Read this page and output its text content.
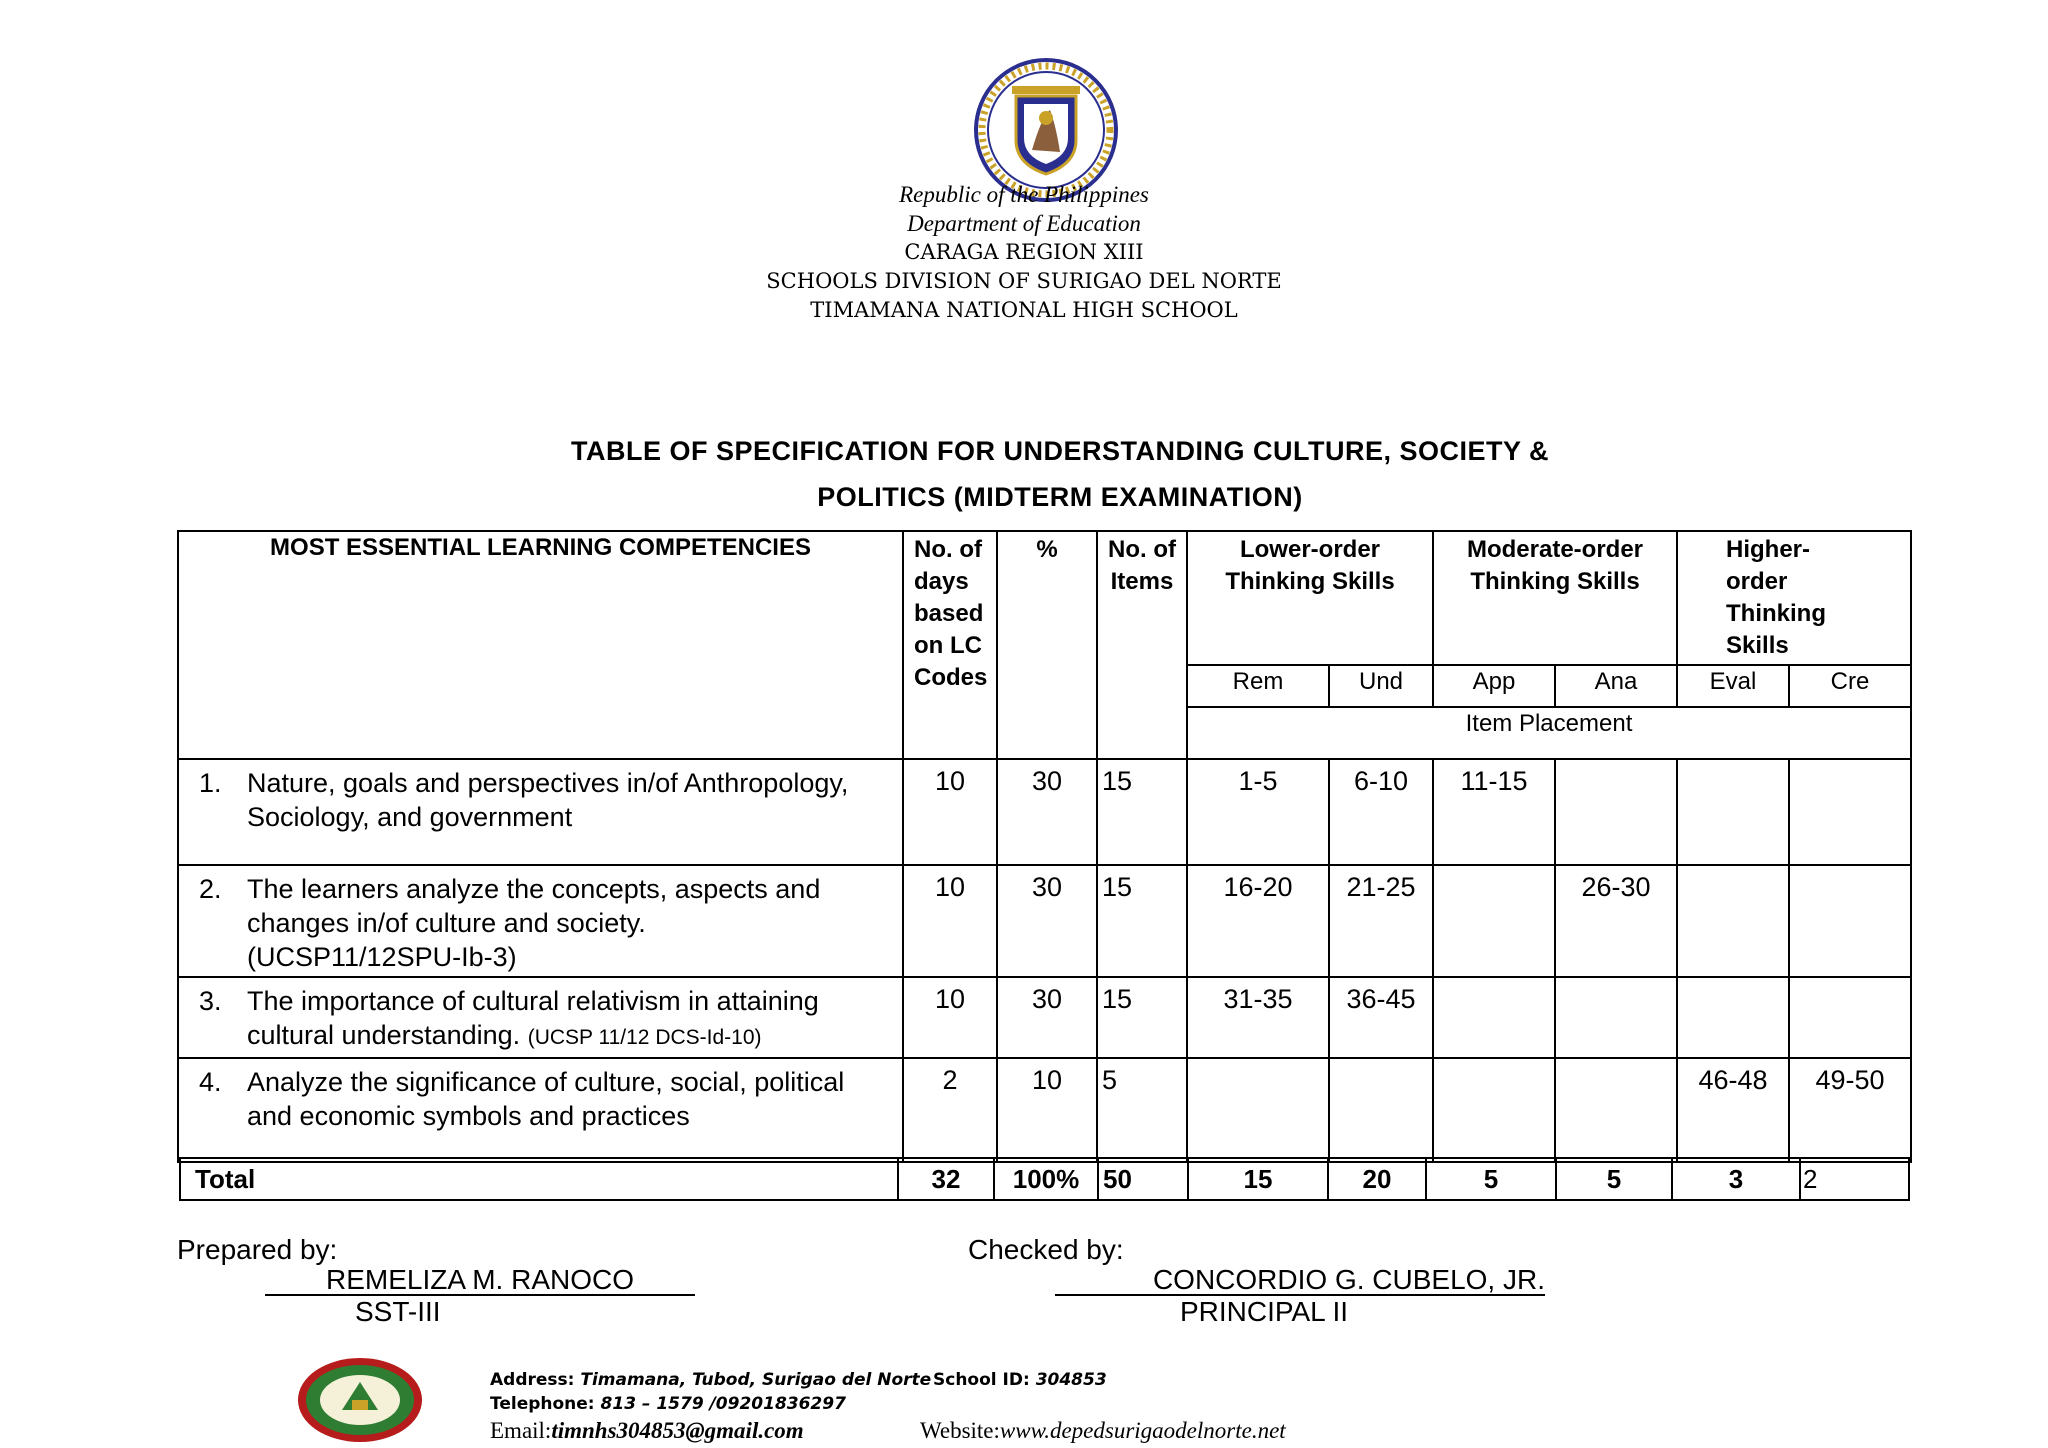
Republic of the Philippines
Department of Education
CARAGA REGION XIII
SCHOOLS DIVISION OF SURIGAO DEL NORTE
TIMAMANA NATIONAL HIGH SCHOOL
TABLE OF SPECIFICATION FOR UNDERSTANDING CULTURE, SOCIETY &
POLITICS (MIDTERM EXAMINATION)
MOST ESSENTIAL LEARNING COMPETENCIES	No. of days based on LC Codes	%	No. of Items	Lower-order Thinking Skills		Moderate-order Thinking Skills		Higher-order Thinking Skills	

				Rem	Und	App	Ana	Eval	Cre
				Item Placement					
1. Nature, goals and perspectives in/of Anthropology, Sociology, and government	10	30	15	1-5	6-10	11-15			
2. The learners analyze the concepts, aspects and changes in/of culture and society. (UCSP11/12SPU-Ib-3)	10	30	15	16-20	21-25		26-30		
3. The importance of cultural relativism in attaining cultural understanding. (UCSP 11/12 DCS-Id-10)	10	30	15	31-35	36-45				
4. Analyze the significance of culture, social, political and economic symbols and practices	2	10	5					46-48	49-50
Total	32	100%	50	15	20	5	5	3	2
Prepared by:
REMELIZA M. RANOCO
SST-III
Checked by:
CONCORDIO G. CUBELO, JR.
PRINCIPAL II
Address: Timamana, Tubod, Surigao del Norte School ID: 304853
Telephone: 813 – 1579 /09201836297
Email:timnhs304853@gmail.com	Website:www.depedsurigaodelnorte.net
